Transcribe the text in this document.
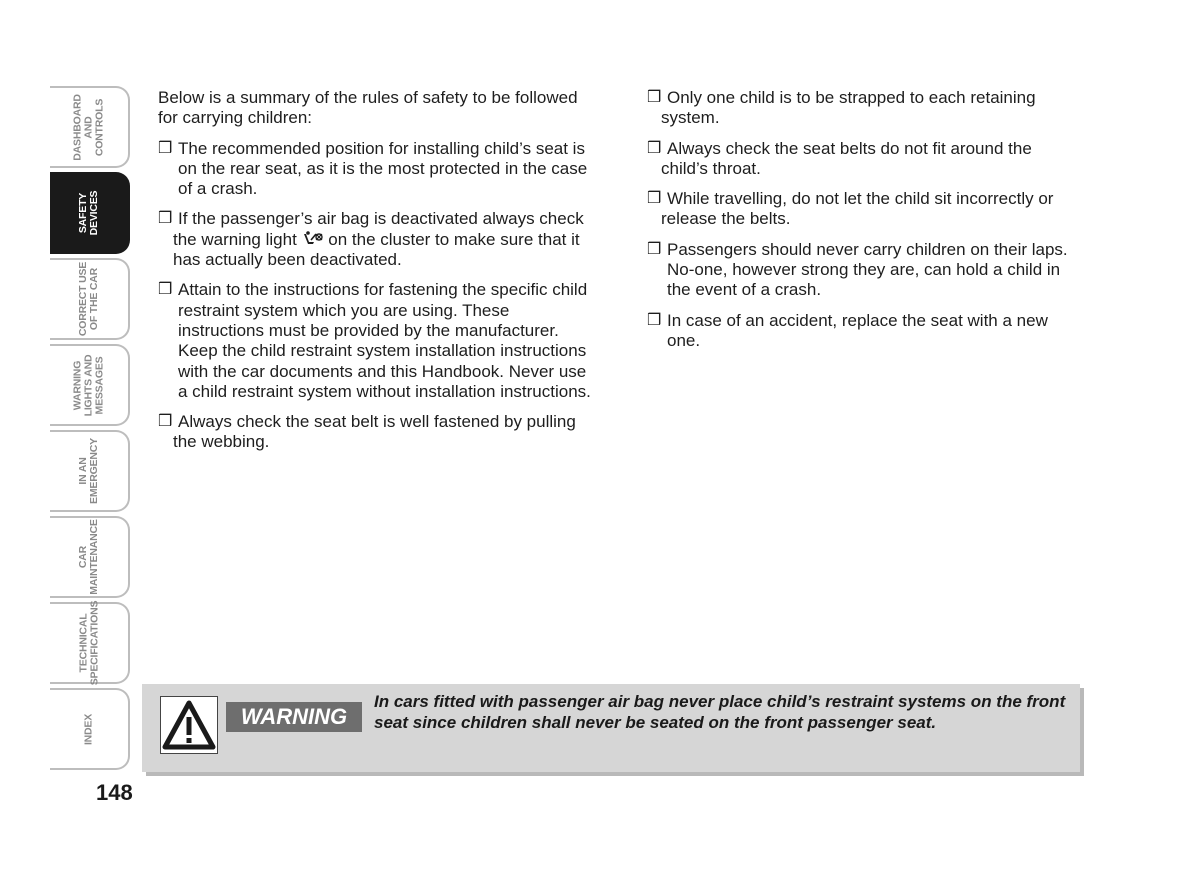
DASHBOARD
AND
CONTROLS
SAFETY
DEVICES
CORRECT USE
OF THE CAR
WARNING
LIGHTS AND
MESSAGES
IN AN
EMERGENCY
CAR
MAINTENANCE
TECHNICAL
SPECIFICATIONS
INDEX
148

Below is a summary of the rules of safety to be followed for carrying children:

❒ The recommended position for installing child’s seat is on the rear seat, as it is the most protected in the case of a crash.
❒ If the passenger’s air bag is deactivated always check the warning light  on the cluster to make sure that it has actually been deactivated.
❒ Attain to the instructions for fastening the specific child restraint system which you are using. These instructions must be provided by the manufacturer. Keep the child restraint system installation instructions with the car documents and this Handbook. Never use a child restraint system without installation instructions.
❒ Always check the seat belt is well fastened by pulling the webbing.
❒ Only one child is to be strapped to each retaining system.
❒ Always check the seat belts do not fit around the child’s throat.
❒ While travelling, do not let the child sit incorrectly or release the belts.
❒ Passengers should never carry children on their laps. No-one, however strong they are, can hold a child in the event of a crash.
❒ In case of an accident, replace the seat with a new one.
WARNING
In cars fitted with passenger air bag never place child’s restraint systems on the front seat since children shall never be seated on the front passenger seat.
